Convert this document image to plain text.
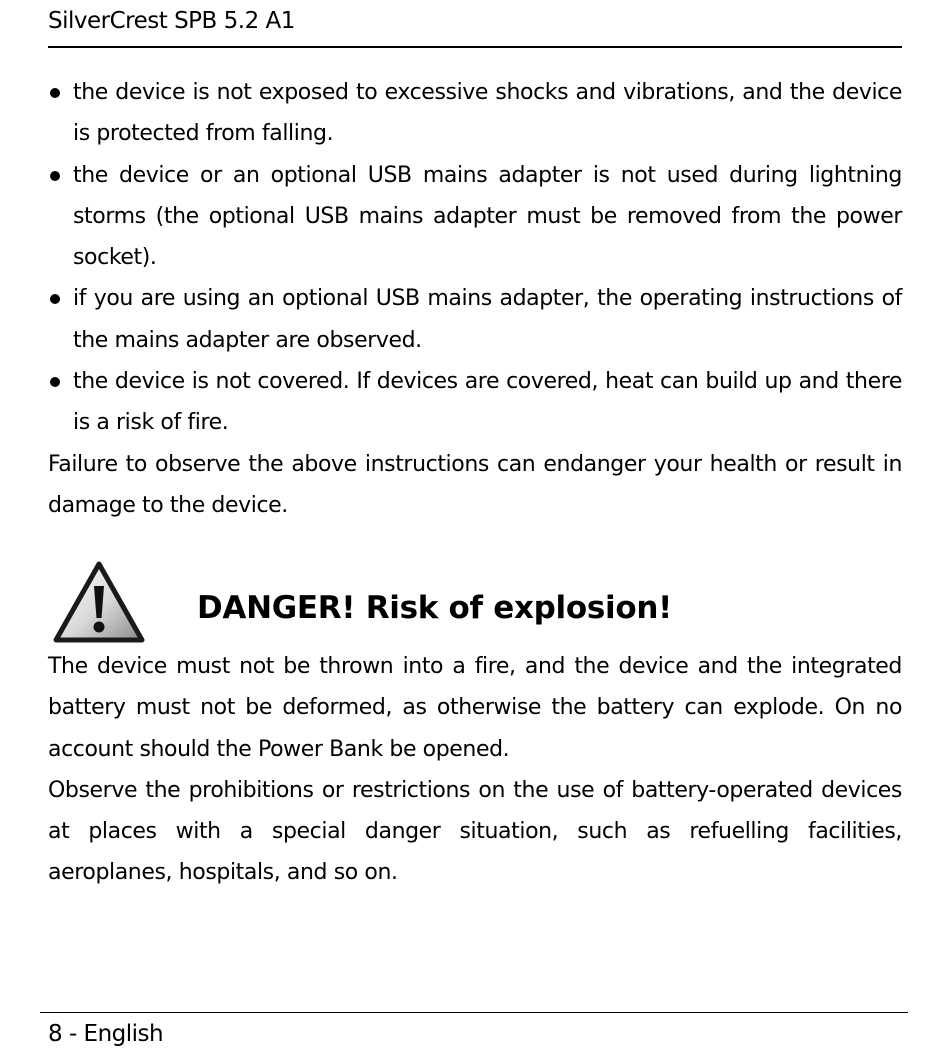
SilverCrest SPB 5.2 A1
the device is not exposed to excessive shocks and vibrations, and the device is protected from falling.
the device or an optional USB mains adapter is not used during lightning storms (the optional USB mains adapter must be removed from the power socket).
if you are using an optional USB mains adapter, the operating instructions of the mains adapter are observed.
the device is not covered. If devices are covered, heat can build up and there is a risk of fire.

Failure to observe the above instructions can endanger your health or result in damage to the device.

DANGER! Risk of explosion!

The device must not be thrown into a fire, and the device and the integrated battery must not be deformed, as otherwise the battery can explode. On no account should the Power Bank be opened.

Observe the prohibitions or restrictions on the use of battery-operated devices at places with a special danger situation, such as refuelling facilities, aeroplanes, hospitals, and so on.

8 - English
